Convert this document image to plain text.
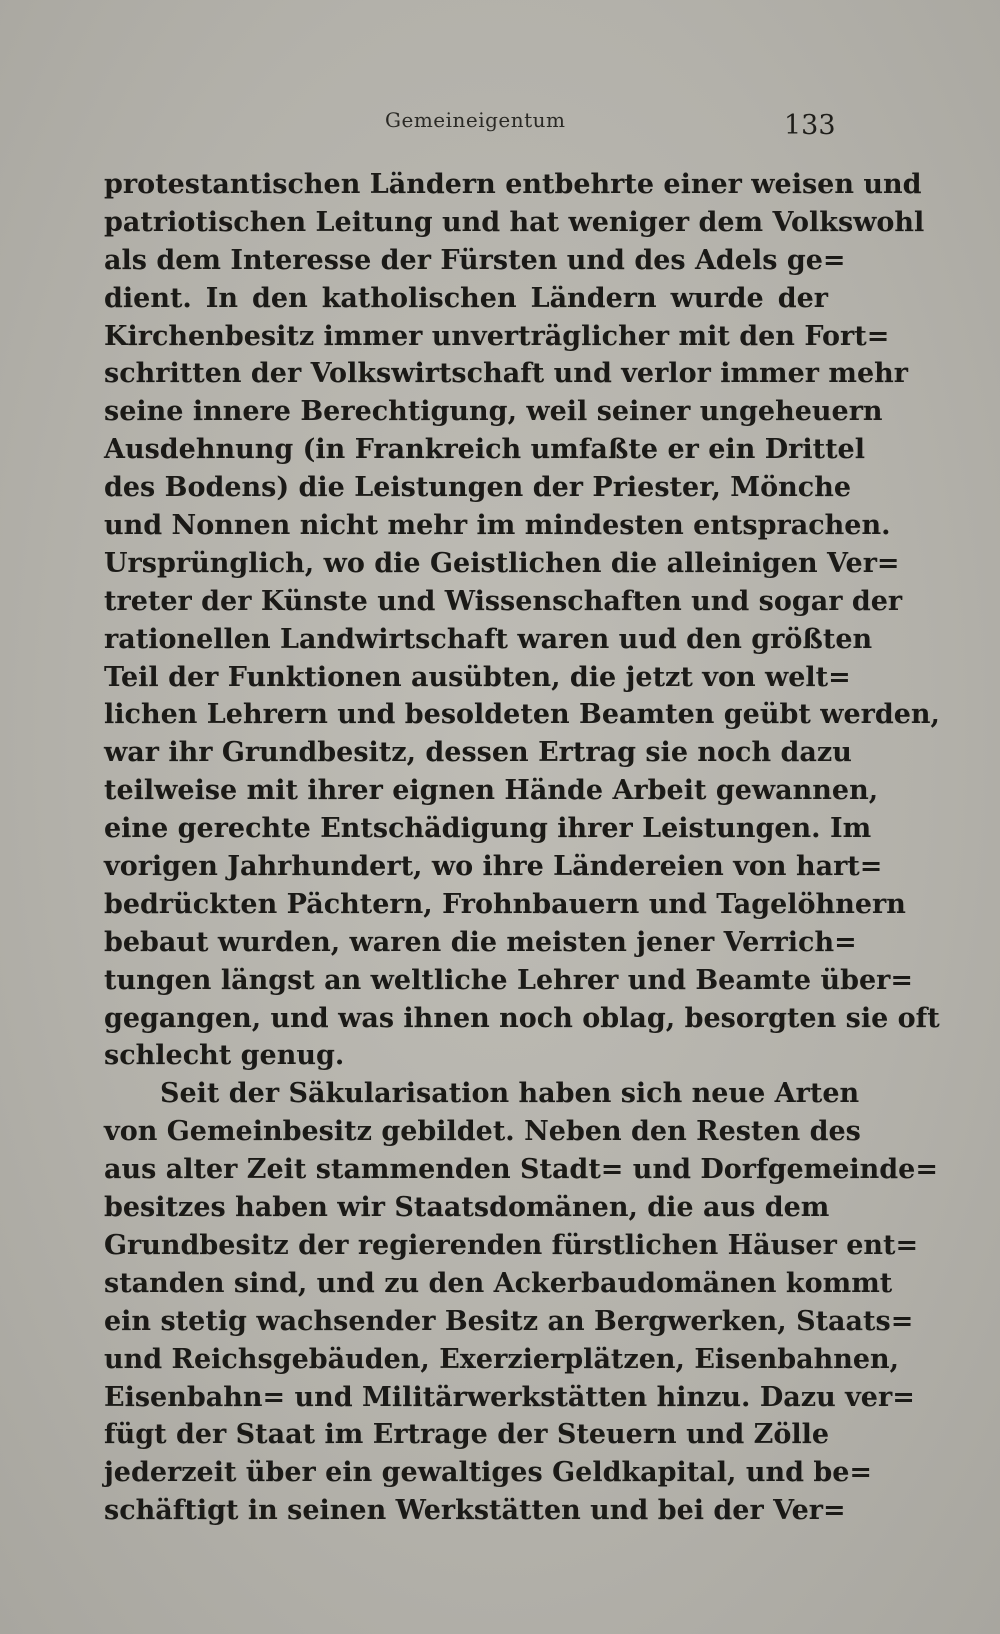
Gemeineigentum	133
protestantischen Ländern entbehrte einer weisen und
patriotischen Leitung und hat weniger dem Volkswohl
als dem Interesse der Fürsten und des Adels ge=
dient. In den katholischen Ländern wurde der
Kirchenbesitz immer unverträglicher mit den Fort=
schritten der Volkswirtschaft und verlor immer mehr
seine innere Berechtigung, weil seiner ungeheuern
Ausdehnung (in Frankreich umfaßte er ein Drittel
des Bodens) die Leistungen der Priester, Mönche
und Nonnen nicht mehr im mindesten entsprachen.
Ursprünglich, wo die Geistlichen die alleinigen Ver=
treter der Künste und Wissenschaften und sogar der
rationellen Landwirtschaft waren uud den größten
Teil der Funktionen ausübten, die jetzt von welt=
lichen Lehrern und besoldeten Beamten geübt werden,
war ihr Grundbesitz, dessen Ertrag sie noch dazu
teilweise mit ihrer eignen Hände Arbeit gewannen,
eine gerechte Entschädigung ihrer Leistungen. Im
vorigen Jahrhundert, wo ihre Ländereien von hart=
bedrückten Pächtern, Frohnbauern und Tagelöhnern
bebaut wurden, waren die meisten jener Verrich=
tungen längst an weltliche Lehrer und Beamte über=
gegangen, und was ihnen noch oblag, besorgten sie oft
schlecht genug.
Seit der Säkularisation haben sich neue Arten
von Gemeinbesitz gebildet. Neben den Resten des
aus alter Zeit stammenden Stadt= und Dorfgemeinde=
besitzes haben wir Staatsdomänen, die aus dem
Grundbesitz der regierenden fürstlichen Häuser ent=
standen sind, und zu den Ackerbaudomänen kommt
ein stetig wachsender Besitz an Bergwerken, Staats=
und Reichsgebäuden, Exerzierplätzen, Eisenbahnen,
Eisenbahn= und Militärwerkstätten hinzu. Dazu ver=
fügt der Staat im Ertrage der Steuern und Zölle
jederzeit über ein gewaltiges Geldkapital, und be=
schäftigt in seinen Werkstätten und bei der Ver=
